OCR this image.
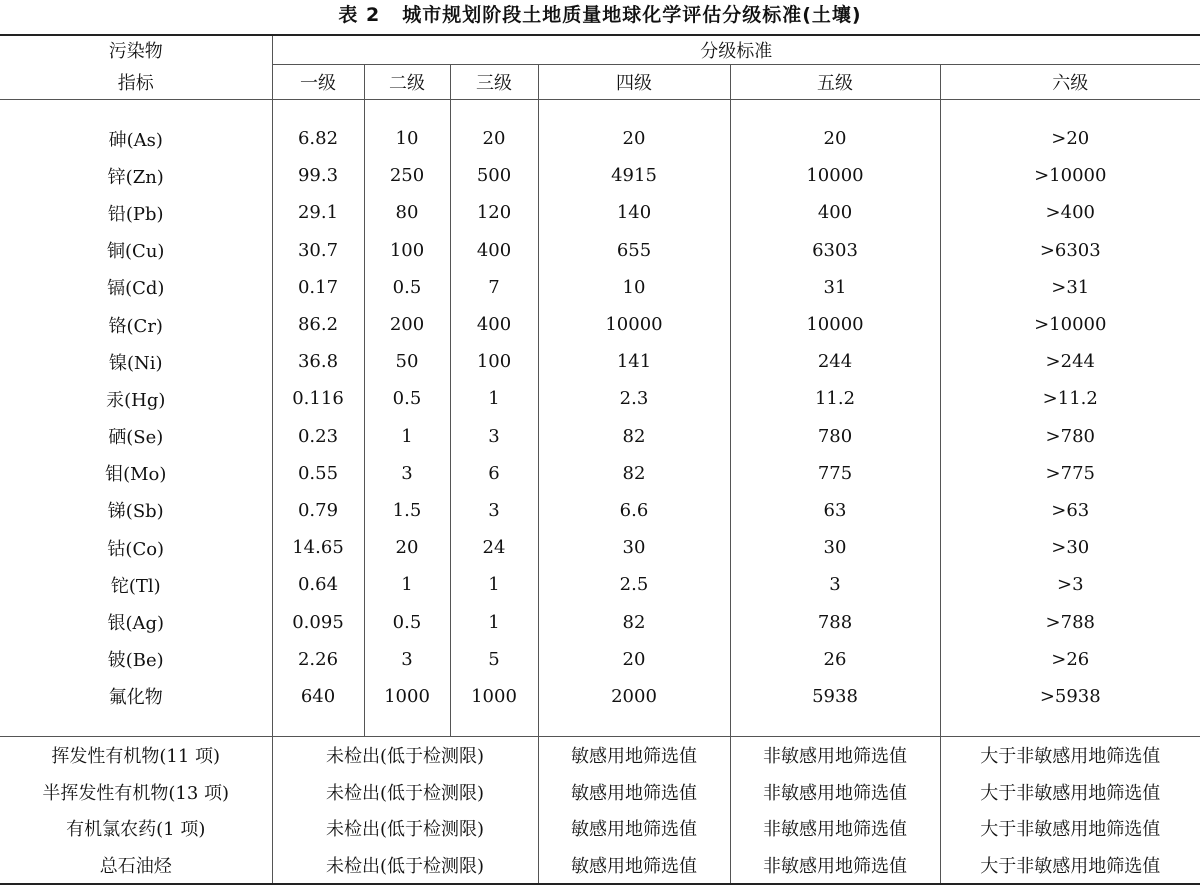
表 2 城市规划阶段土地质量地球化学评估分级标准(土壤)
污染物	分级标准					
指标	一级	二级	三级	四级	五级	六级

砷(As)	6.82	10	20	20	20	>20
锌(Zn)	99.3	250	500	4915	10000	>10000
铅(Pb)	29.1	80	120	140	400	>400
铜(Cu)	30.7	100	400	655	6303	>6303
镉(Cd)	0.17	0.5	7	10	31	>31
铬(Cr)	86.2	200	400	10000	10000	>10000
镍(Ni)	36.8	50	100	141	244	>244
汞(Hg)	0.116	0.5	1	2.3	11.2	>11.2
硒(Se)	0.23	1	3	82	780	>780
钼(Mo)	0.55	3	6	82	775	>775
锑(Sb)	0.79	1.5	3	6.6	63	>63
钴(Co)	14.65	20	24	30	30	>30
铊(Tl)	0.64	1	1	2.5	3	>3
银(Ag)	0.095	0.5	1	82	788	>788
铍(Be)	2.26	3	5	20	26	>26
氟化物	640	1000	1000	2000	5938	>5938

挥发性有机物(11 项)	未检出(低于检测限)			敏感用地筛选值	非敏感用地筛选值	大于非敏感用地筛选值
半挥发性有机物(13 项)	未检出(低于检测限)			敏感用地筛选值	非敏感用地筛选值	大于非敏感用地筛选值
有机氯农药(1 项)	未检出(低于检测限)			敏感用地筛选值	非敏感用地筛选值	大于非敏感用地筛选值
总石油烃	未检出(低于检测限)			敏感用地筛选值	非敏感用地筛选值	大于非敏感用地筛选值
